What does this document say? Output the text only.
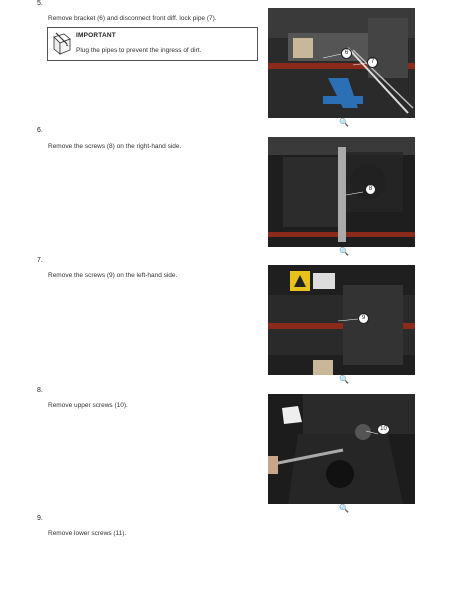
5.
Remove bracket (6) and disconnect front diff. lock pipe (7).
IMPORTANT
Plug the pipes to prevent the ingress of dirt.	6
7
🔍
6.
Remove the screws (8) on the right-hand side.
8
🔍
7.
Remove the screws (9) on the left-hand side.
9
🔍
8.
Remove upper screws (10).
10
🔍
9.
Remove lower screws (11).
